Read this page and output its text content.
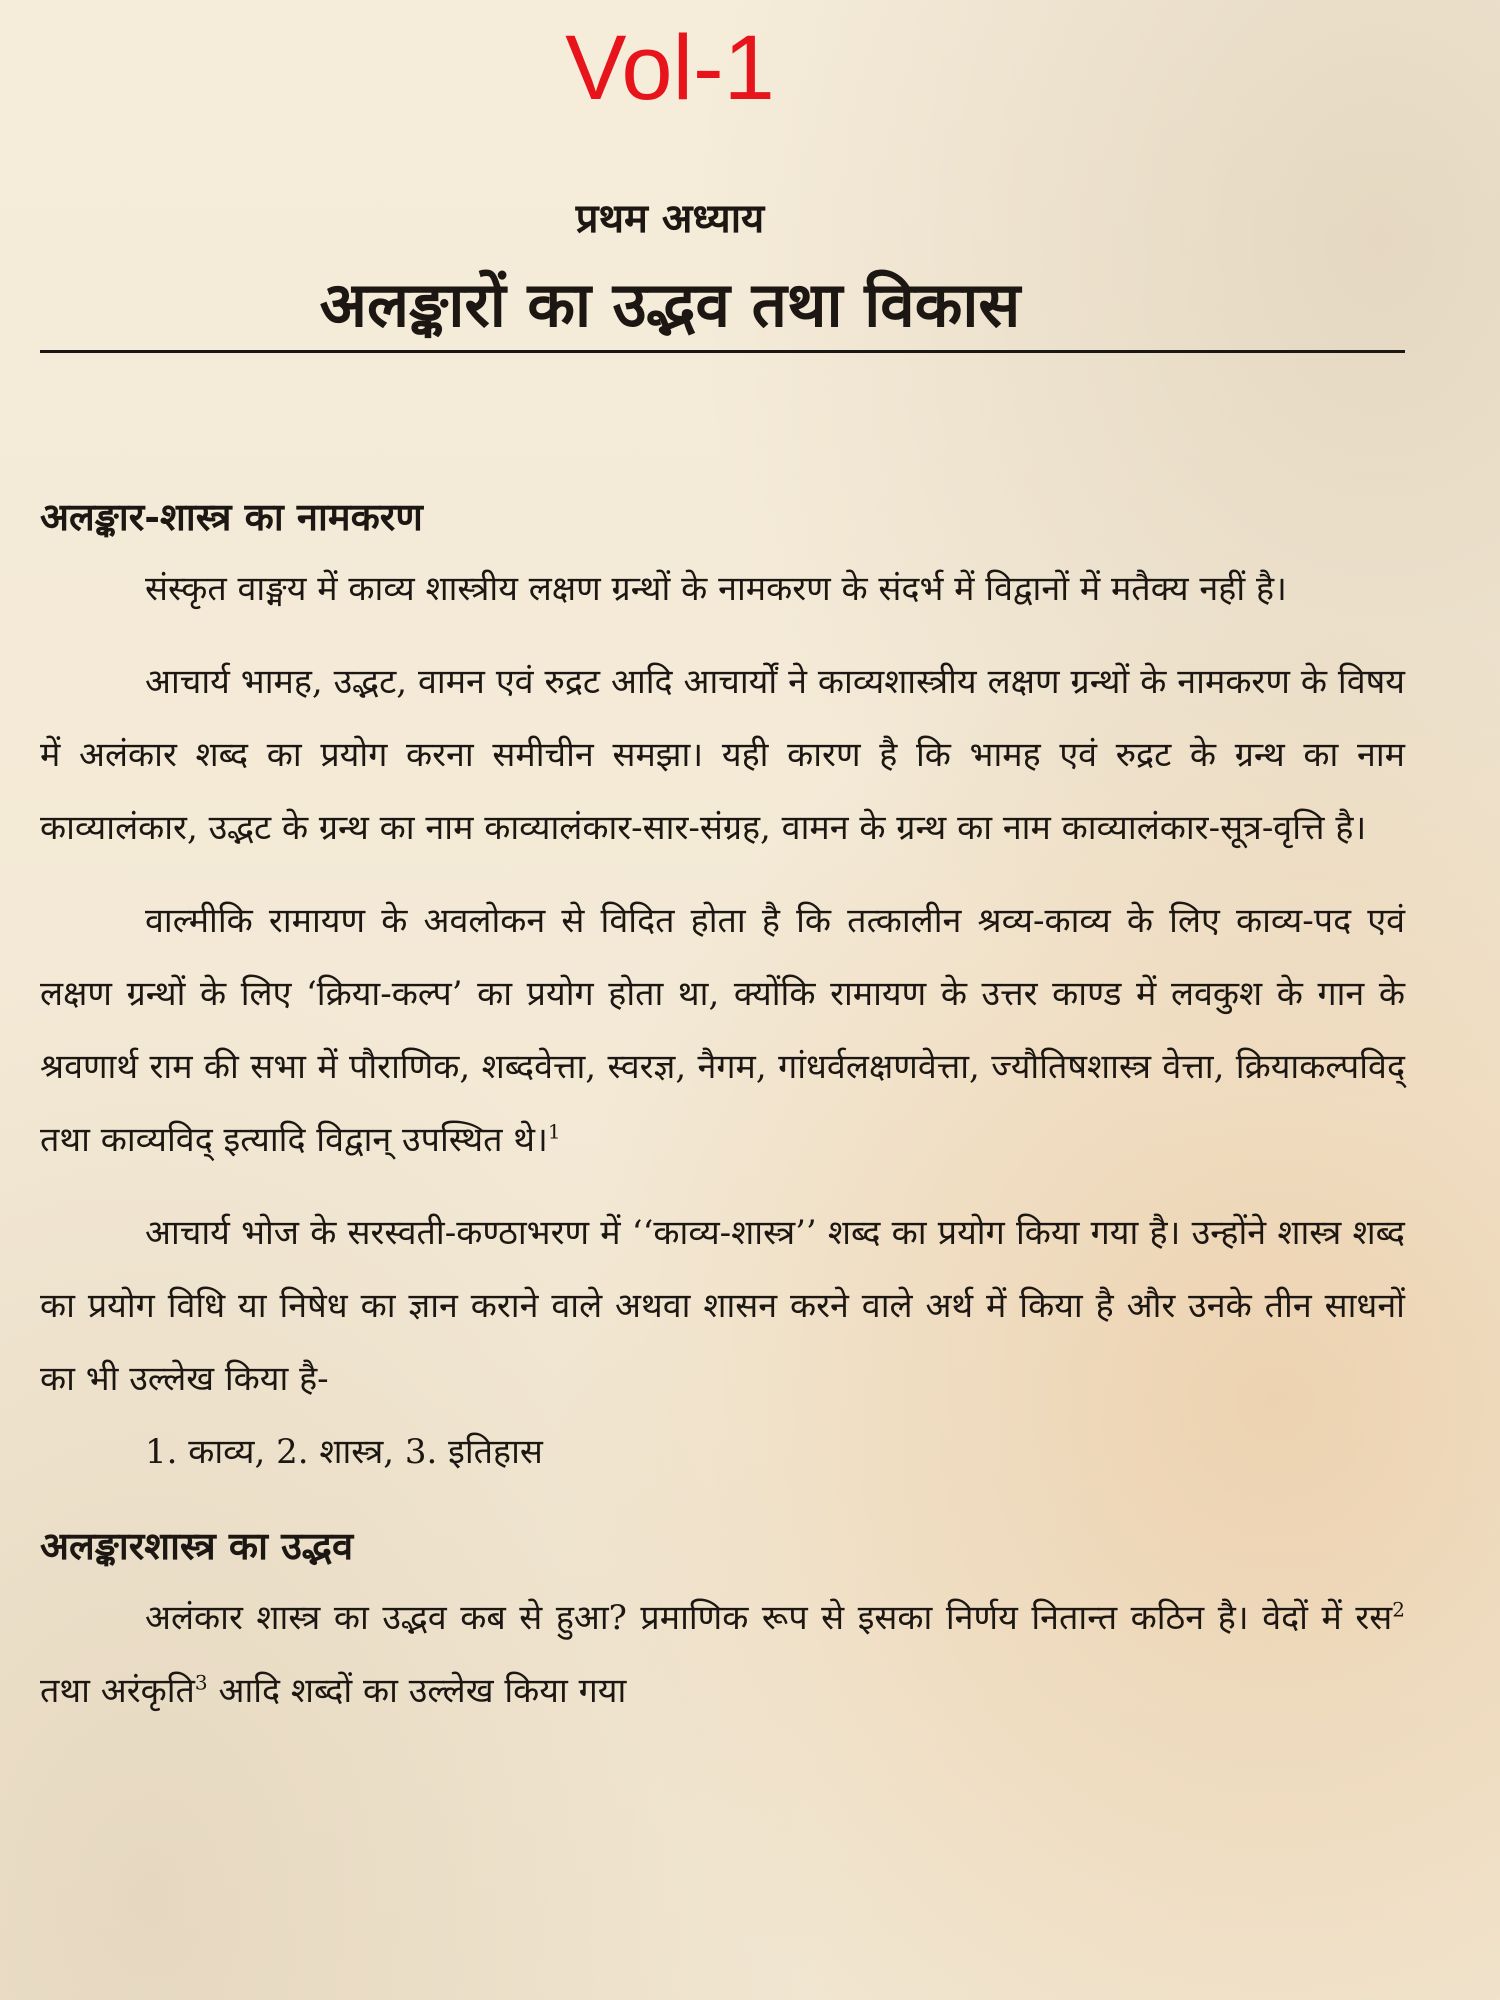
Vol-1
प्रथम अध्याय
अलङ्कारों का उद्भव तथा विकास

अलङ्कार-शास्त्र का नामकरण

संस्कृत वाङ्मय में काव्य शास्त्रीय लक्षण ग्रन्थों के नामकरण के संदर्भ में विद्वानों में मतैक्य नहीं है।

आचार्य भामह, उद्भट, वामन एवं रुद्रट आदि आचार्यों ने काव्यशास्त्रीय लक्षण ग्रन्थों के नामकरण के विषय में अलंकार शब्द का प्रयोग करना समीचीन समझा। यही कारण है कि भामह एवं रुद्रट के ग्रन्थ का नाम काव्यालंकार, उद्भट के ग्रन्थ का नाम काव्यालंकार-सार-संग्रह, वामन के ग्रन्थ का नाम काव्यालंकार-सूत्र-वृत्ति है।

वाल्मीकि रामायण के अवलोकन से विदित होता है कि तत्कालीन श्रव्य-काव्य के लिए काव्य-पद एवं लक्षण ग्रन्थों के लिए ‘क्रिया-कल्प’ का प्रयोग होता था, क्योंकि रामायण के उत्तर काण्ड में लवकुश के गान के श्रवणार्थ राम की सभा में पौराणिक, शब्दवेत्ता, स्वरज्ञ, नैगम, गांधर्वलक्षणवेत्ता, ज्यौतिषशास्त्र वेत्ता, क्रियाकल्पविद् तथा काव्यविद् इत्यादि विद्वान् उपस्थित थे।$^1$

आचार्य भोज के सरस्वती-कण्ठाभरण में ‘‘काव्य-शास्त्र’’ शब्द का प्रयोग किया गया है। उन्होंने शास्त्र शब्द का प्रयोग विधि या निषेध का ज्ञान कराने वाले अथवा शासन करने वाले अर्थ में किया है और उनके तीन साधनों का भी उल्लेख किया है-

1. काव्य, 2. शास्त्र, 3. इतिहास

अलङ्कारशास्त्र का उद्भव

अलंकार शास्त्र का उद्भव कब से हुआ? प्रमाणिक रूप से इसका निर्णय नितान्त कठिन है। वेदों में रस$^2$ तथा अरंकृति$^3$ आदि शब्दों का उल्लेख किया गया
